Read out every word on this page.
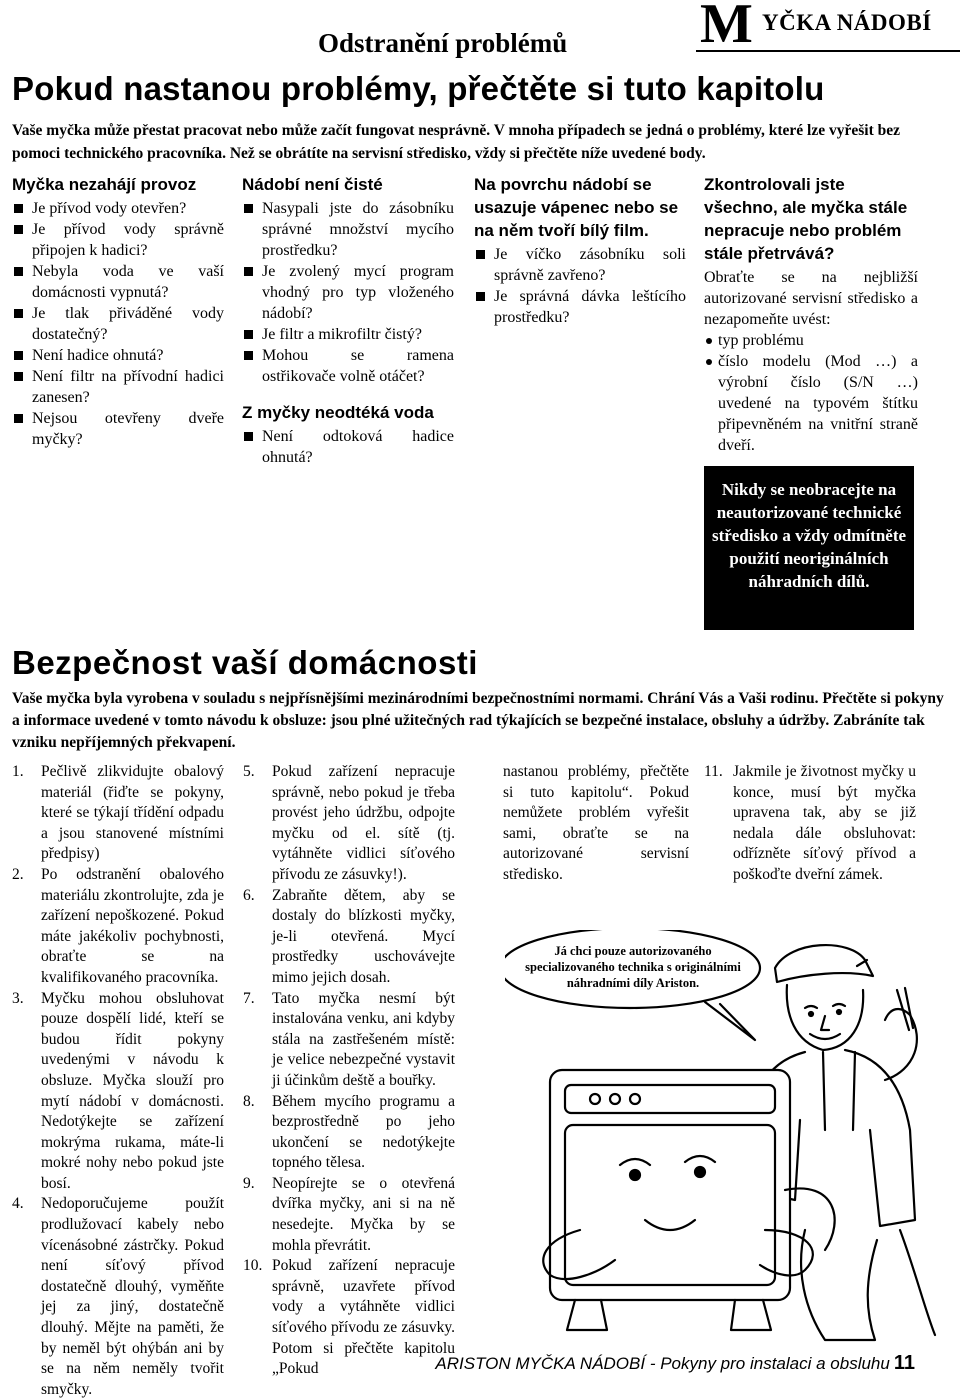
M YČKA NÁDOBÍ
Odstranění problémů
Pokud nastanou problémy, přečtěte si tuto kapitolu
Vaše myčka může přestat pracovat nebo může začít fungovat nesprávně. V mnoha případech se jedná o problémy, které lze vyřešit bez pomoci technického pracovníka. Než se obrátíte na servisní středisko, vždy si přečtěte níže uvedené body.
Myčka nezahájí provoz
Je přívod vody otevřen?
Je přívod vody správně připojen k hadici?
Nebyla voda ve vaší domácnosti vypnutá?
Je tlak přiváděné vody dostatečný?
Není hadice ohnutá?
Není filtr na přívodní hadici zanesen?
Nejsou otevřeny dveře myčky?
Nádobí není čisté
Nasypali jste do zásobníku správné množství mycího prostředku?
Je zvolený mycí program vhodný pro typ vloženého nádobí?
Je filtr a mikrofiltr čistý?
Mohou se ramena ostřikovače volně otáčet?
Z myčky neodtéká voda
Není odtoková hadice ohnutá?
Na povrchu nádobí se usazuje vápenec nebo se na něm tvoří bílý film.
Je víčko zásobníku soli správně zavřeno?
Je správná dávka leštícího prostředku?
Zkontrolovali jste všechno, ale myčka stále nepracuje nebo problém stále přetrvává?

Obraťte se na nejbližší autorizované servisní středisko a nezapomeňte uvést:

typ problému
číslo modelu (Mod …) a výrobní číslo (S/N …) uvedené na typovém štítku připevněném na vnitřní straně dveří.
Nikdy se neobracejte na neautorizované technické středisko a vždy odmítněte použití neoriginálních náhradních dílů.
Bezpečnost vaší domácnosti
Vaše myčka byla vyrobena v souladu s nejpřísnějšími mezinárodními bezpečnostními normami. Chrání Vás a Vaši rodinu. Přečtěte si pokyny a informace uvedené v tomto návodu k obsluze: jsou plné užitečných rad týkajících se bezpečné instalace, obsluhy a údržby. Zabráníte tak vzniku nepříjemných překvapení.
1. Pečlivě zlikvidujte obalový materiál (řiďte se pokyny, které se týkají třídění odpadu a jsou stanovené místními předpisy)
2. Po odstranění obalového materiálu zkontrolujte, zda je zařízení nepoškozené. Pokud máte jakékoliv pochybnosti, obraťte se na kvalifikovaného pracovníka.
3. Myčku mohou obsluhovat pouze dospělí lidé, kteří se budou řídit pokyny uvedenými v návodu k obsluze. Myčka slouží pro mytí nádobí v domácnosti. Nedotýkejte se zařízení mokrýma rukama, máte-li mokré nohy nebo pokud jste bosí.
4. Nedoporučujeme použít prodlužovací kabely nebo vícenásobné zástrčky. Pokud není síťový přívod dostatečně dlouhý, vyměňte jej za jiný, dostatečně dlouhý. Mějte na paměti, že by neměl být ohýbán ani by se na něm neměly tvořit smyčky.
5. Pokud zařízení nepracuje správně, nebo pokud je třeba provést jeho údržbu, odpojte myčku od el. sítě (tj. vytáhněte vidlici síťového přívodu ze zásuvky!).
6. Zabraňte dětem, aby se dostaly do blízkosti myčky, je-li otevřená. Mycí prostředky uschovávejte mimo jejich dosah.
7. Tato myčka nesmí být instalována venku, ani kdyby stála na zastřešeném místě: je velice nebezpečné vystavit ji účinkům deště a bouřky.
8. Během mycího programu a bezprostředně po jeho ukončení se nedotýkejte topného tělesa.
9. Neopírejte se o otevřená dvířka myčky, ani si na ně nesedejte. Myčka by se mohla převrátit.
10. Pokud zařízení nepracuje správně, uzavřete přívod vody a vytáhněte vidlici síťového přívodu ze zásuvky. Potom si přečtěte kapitolu „Pokud
nastanou problémy, přečtěte si tuto kapitolu“. Pokud nemůžete problém vyřešit sami, obraťte se na autorizované servisní středisko.
11. Jakmile je životnost myčky u konce, musí být myčka upravena tak, aby se již nedala dále obsluhovat: odřízněte síťový přívod a poškoďte dveřní zámek.
Já chci pouze autorizovaného specializovaného technika s originálními náhradními díly Ariston.
ARISTON MYČKA NÁDOBÍ - Pokyny pro instalaci a obsluhu 11
